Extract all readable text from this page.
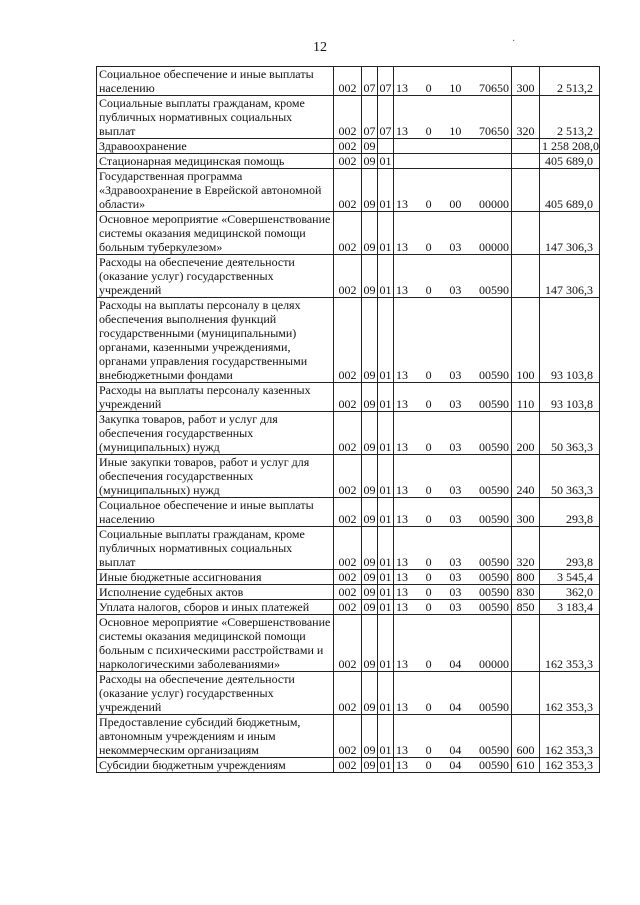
12	·
Социальное обеспечение и иные выплаты населению	002	07	07	13 0 10 70650	300	2 513,2
Социальные выплаты гражданам, кроме публичных нормативных социальных выплат	002	07	07	13 0 10 70650	320	2 513,2
Здравоохранение	002	09				1 258 208,0
Стационарная медицинская помощь	002	09	01			405 689,0
Государственная программа «Здравоохранение в Еврейской автономной области»	002	09	01	13 0 00 00000		405 689,0
Основное мероприятие «Совершенствование системы оказания медицинской помощи больным туберкулезом»	002	09	01	13 0 03 00000		147 306,3
Расходы на обеспечение деятельности (оказание услуг) государственных учреждений	002	09	01	13 0 03 00590		147 306,3
Расходы на выплаты персоналу в целях обеспечения выполнения функций государственными (муниципальными) органами, казенными учреждениями, органами управления государственными внебюджетными фондами	002	09	01	13 0 03 00590	100	93 103,8
Расходы на выплаты персоналу казенных учреждений	002	09	01	13 0 03 00590	110	93 103,8
Закупка товаров, работ и услуг для обеспечения государственных (муниципальных) нужд	002	09	01	13 0 03 00590	200	50 363,3
Иные закупки товаров, работ и услуг для обеспечения государственных (муниципальных) нужд	002	09	01	13 0 03 00590	240	50 363,3
Социальное обеспечение и иные выплаты населению	002	09	01	13 0 03 00590	300	293,8
Социальные выплаты гражданам, кроме публичных нормативных социальных выплат	002	09	01	13 0 03 00590	320	293,8
Иные бюджетные ассигнования	002	09	01	13 0 03 00590	800	3 545,4
Исполнение судебных актов	002	09	01	13 0 03 00590	830	362,0
Уплата налогов, сборов и иных платежей	002	09	01	13 0 03 00590	850	3 183,4
Основное мероприятие «Совершенствование системы оказания медицинской помощи больным с психическими расстройствами и наркологическими заболеваниями»	002	09	01	13 0 04 00000		162 353,3
Расходы на обеспечение деятельности (оказание услуг) государственных учреждений	002	09	01	13 0 04 00590		162 353,3
Предоставление субсидий бюджетным, автономным учреждениям и иным некоммерческим организациям	002	09	01	13 0 04 00590	600	162 353,3
Субсидии бюджетным учреждениям	002	09	01	13 0 04 00590	610	162 353,3
